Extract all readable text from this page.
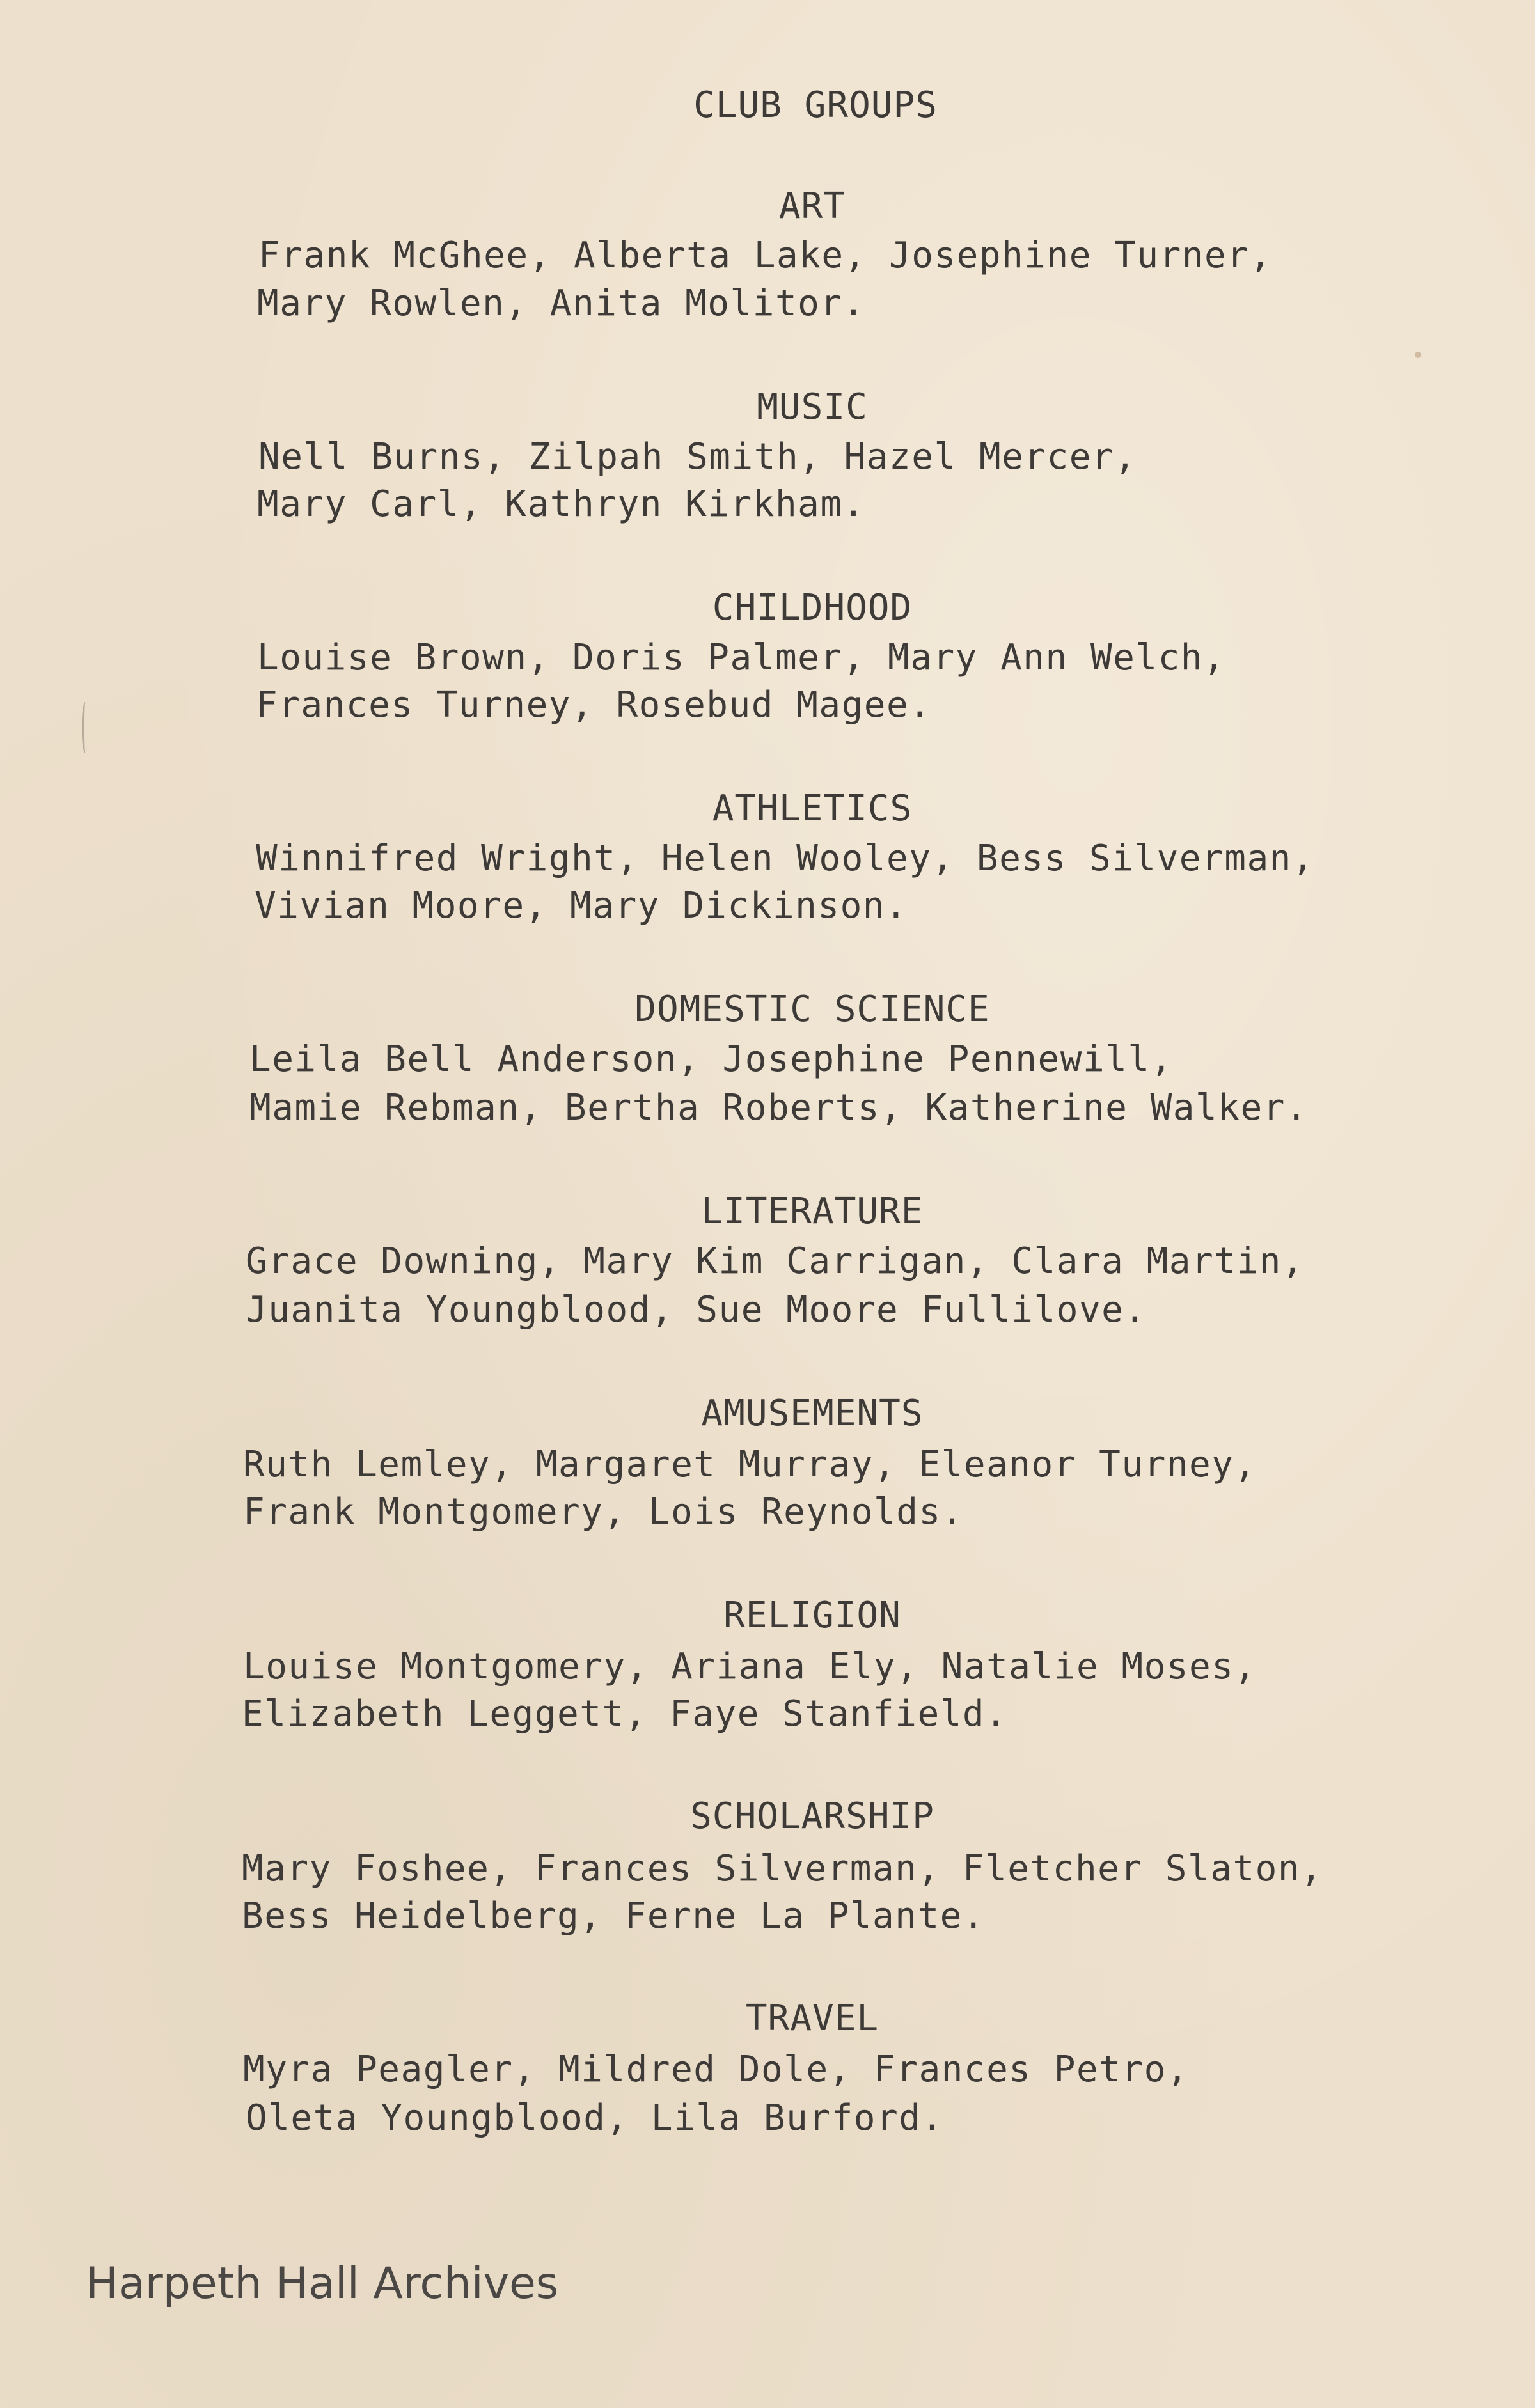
CLUB GROUPS
ART
Frank McGhee, Alberta Lake, Josephine Turner,
Mary Rowlen, Anita Molitor.
MUSIC
Nell Burns, Zilpah Smith, Hazel Mercer,
Mary Carl, Kathryn Kirkham.
CHILDHOOD
Louise Brown, Doris Palmer, Mary Ann Welch,
Frances Turney, Rosebud Magee.
ATHLETICS
Winnifred Wright, Helen Wooley, Bess Silverman,
Vivian Moore, Mary Dickinson.
DOMESTIC SCIENCE
Leila Bell Anderson, Josephine Pennewill,
Mamie Rebman, Bertha Roberts, Katherine Walker.
LITERATURE
Grace Downing, Mary Kim Carrigan, Clara Martin,
Juanita Youngblood, Sue Moore Fullilove.
AMUSEMENTS
Ruth Lemley, Margaret Murray, Eleanor Turney,
Frank Montgomery, Lois Reynolds.
RELIGION
Louise Montgomery, Ariana Ely, Natalie Moses,
Elizabeth Leggett, Faye Stanfield.
SCHOLARSHIP
Mary Foshee, Frances Silverman, Fletcher Slaton,
Bess Heidelberg, Ferne La Plante.
TRAVEL
Myra Peagler, Mildred Dole, Frances Petro,
Oleta Youngblood, Lila Burford.
Harpeth Hall Archives
